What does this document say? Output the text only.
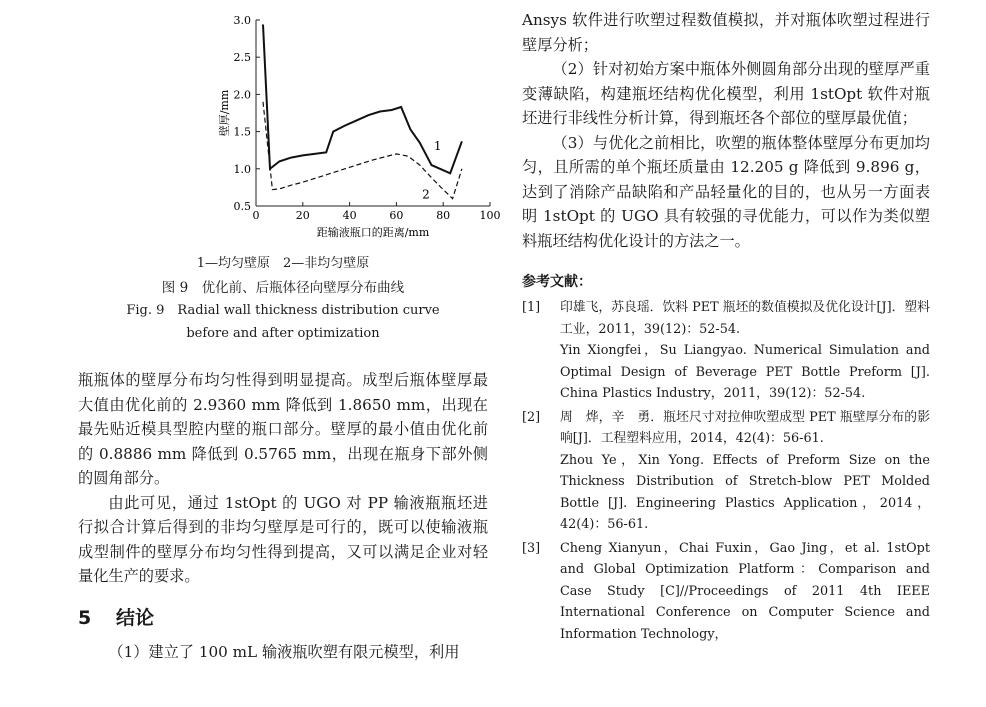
0	20	40	60	80	100
0.5
1.0
1.5
2.0
2.5
3.0
距输液瓶口的距离/mm
壁厚/mm
1
2
1—均匀壁原　2—非均匀壁原
图 9　优化前、后瓶体径向壁厚分布曲线
Fig. 9　Radial wall thickness distribution curve
before and after optimization

瓶瓶体的壁厚分布均匀性得到明显提高。成型后瓶体壁厚最大值由优化前的 2.9360 mm 降低到 1.8650 mm，出现在最先贴近模具型腔内壁的瓶口部分。壁厚的最小值由优化前的 0.8886 mm 降低到 0.5765 mm，出现在瓶身下部外侧的圆角部分。

由此可见，通过 1stOpt 的 UGO 对 PP 输液瓶瓶坯进行拟合计算后得到的非均匀壁厚是可行的，既可以使输液瓶成型制件的壁厚分布均匀性得到提高，又可以满足企业对轻量化生产的要求。

5 结论

（1）建立了 100 mL 输液瓶吹塑有限元模型，利用

Ansys 软件进行吹塑过程数值模拟，并对瓶体吹塑过程进行壁厚分析；

（2）针对初始方案中瓶体外侧圆角部分出现的壁厚严重变薄缺陷，构建瓶坯结构优化模型，利用 1stOpt 软件对瓶坯进行非线性分析计算，得到瓶坯各个部位的壁厚最优值；

（3）与优化之前相比，吹塑的瓶体整体壁厚分布更加均匀，且所需的单个瓶坯质量由 12.205 g 降低到 9.896 g，达到了消除产品缺陷和产品轻量化的目的，也从另一方面表明 1stOpt 的 UGO 具有较强的寻优能力，可以作为类似塑料瓶坯结构优化设计的方法之一。

参考文献：
[1]	印雄飞，苏良瑶．饮料 PET 瓶坯的数值模拟及优化设计[J]．塑料工业，2011，39(12)：52-54.
Yin Xiongfei，Su Liangyao. Numerical Simulation and Optimal Design of Beverage PET Bottle Preform [J]. China Plastics Industry，2011，39(12)：52-54.
[2]	周　烨，辛　勇．瓶坯尺寸对拉伸吹塑成型 PET 瓶壁厚分布的影响[J]．工程塑料应用，2014，42(4)：56-61.
Zhou Ye，Xin Yong. Effects of Preform Size on the Thickness Distribution of Stretch-blow PET Molded Bottle [J]. Engineering Plastics Application，2014，42(4)：56-61.
[3]	Cheng Xianyun，Chai Fuxin，Gao Jing，et al. 1stOpt and Global Optimization Platform：Comparison and Case Study [C]//Proceedings of 2011 4th IEEE International Conference on Computer Science and Information Technology，
